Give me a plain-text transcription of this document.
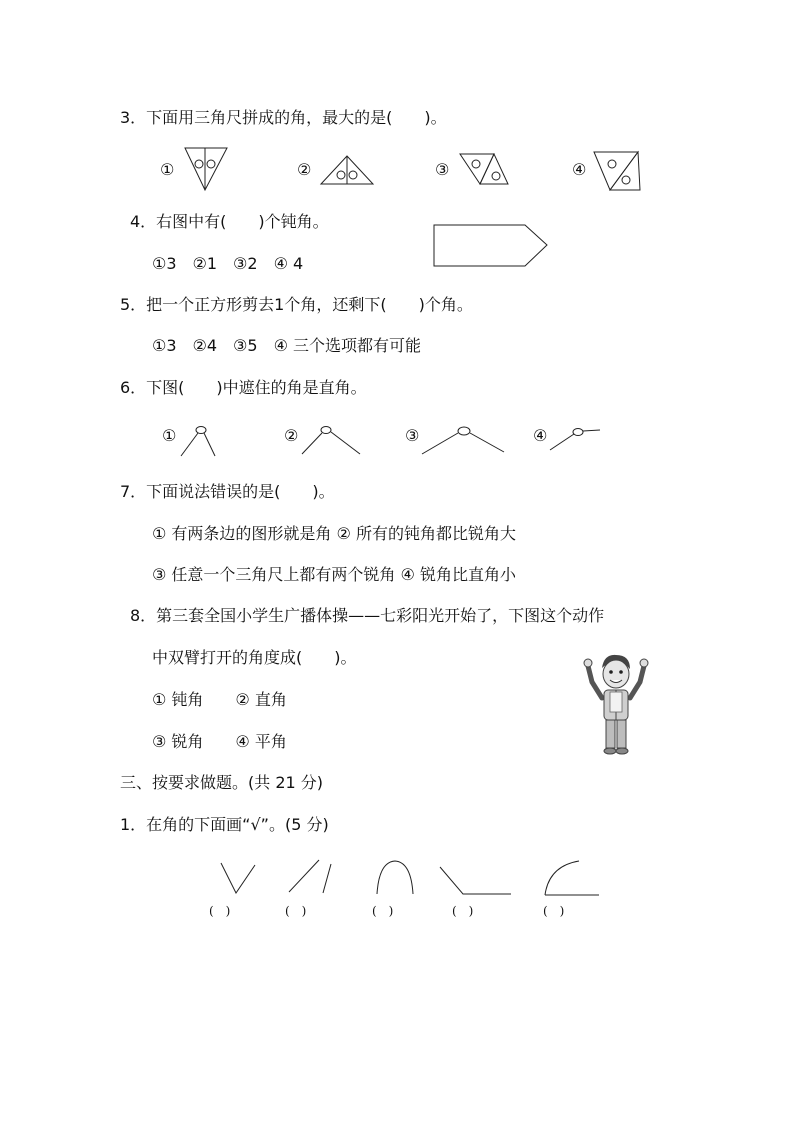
3．下面用三角尺拼成的角，最大的是(　　)。
①	②	③	④
4．右图中有(　　)个钝角。
①3　②1　③2　④ 4
5．把一个正方形剪去1个角，还剩下(　　)个角。
①3　②4　③5　④ 三个选项都有可能
6．下图(　　)中遮住的角是直角。
①	②	③	④
7．下面说法错误的是(　　)。
① 有两条边的图形就是角 ② 所有的钝角都比锐角大
③ 任意一个三角尺上都有两个锐角 ④ 锐角比直角小
8．第三套全国小学生广播体操——七彩阳光开始了，下图这个动作
中双臂打开的角度成(　　)。
① 钝角　　② 直角
③ 锐角　　④ 平角
三、按要求做题。(共 21 分)
1．在角的下面画“√”。(5 分)
(　)	(　)	(　)	(　)	(　)
